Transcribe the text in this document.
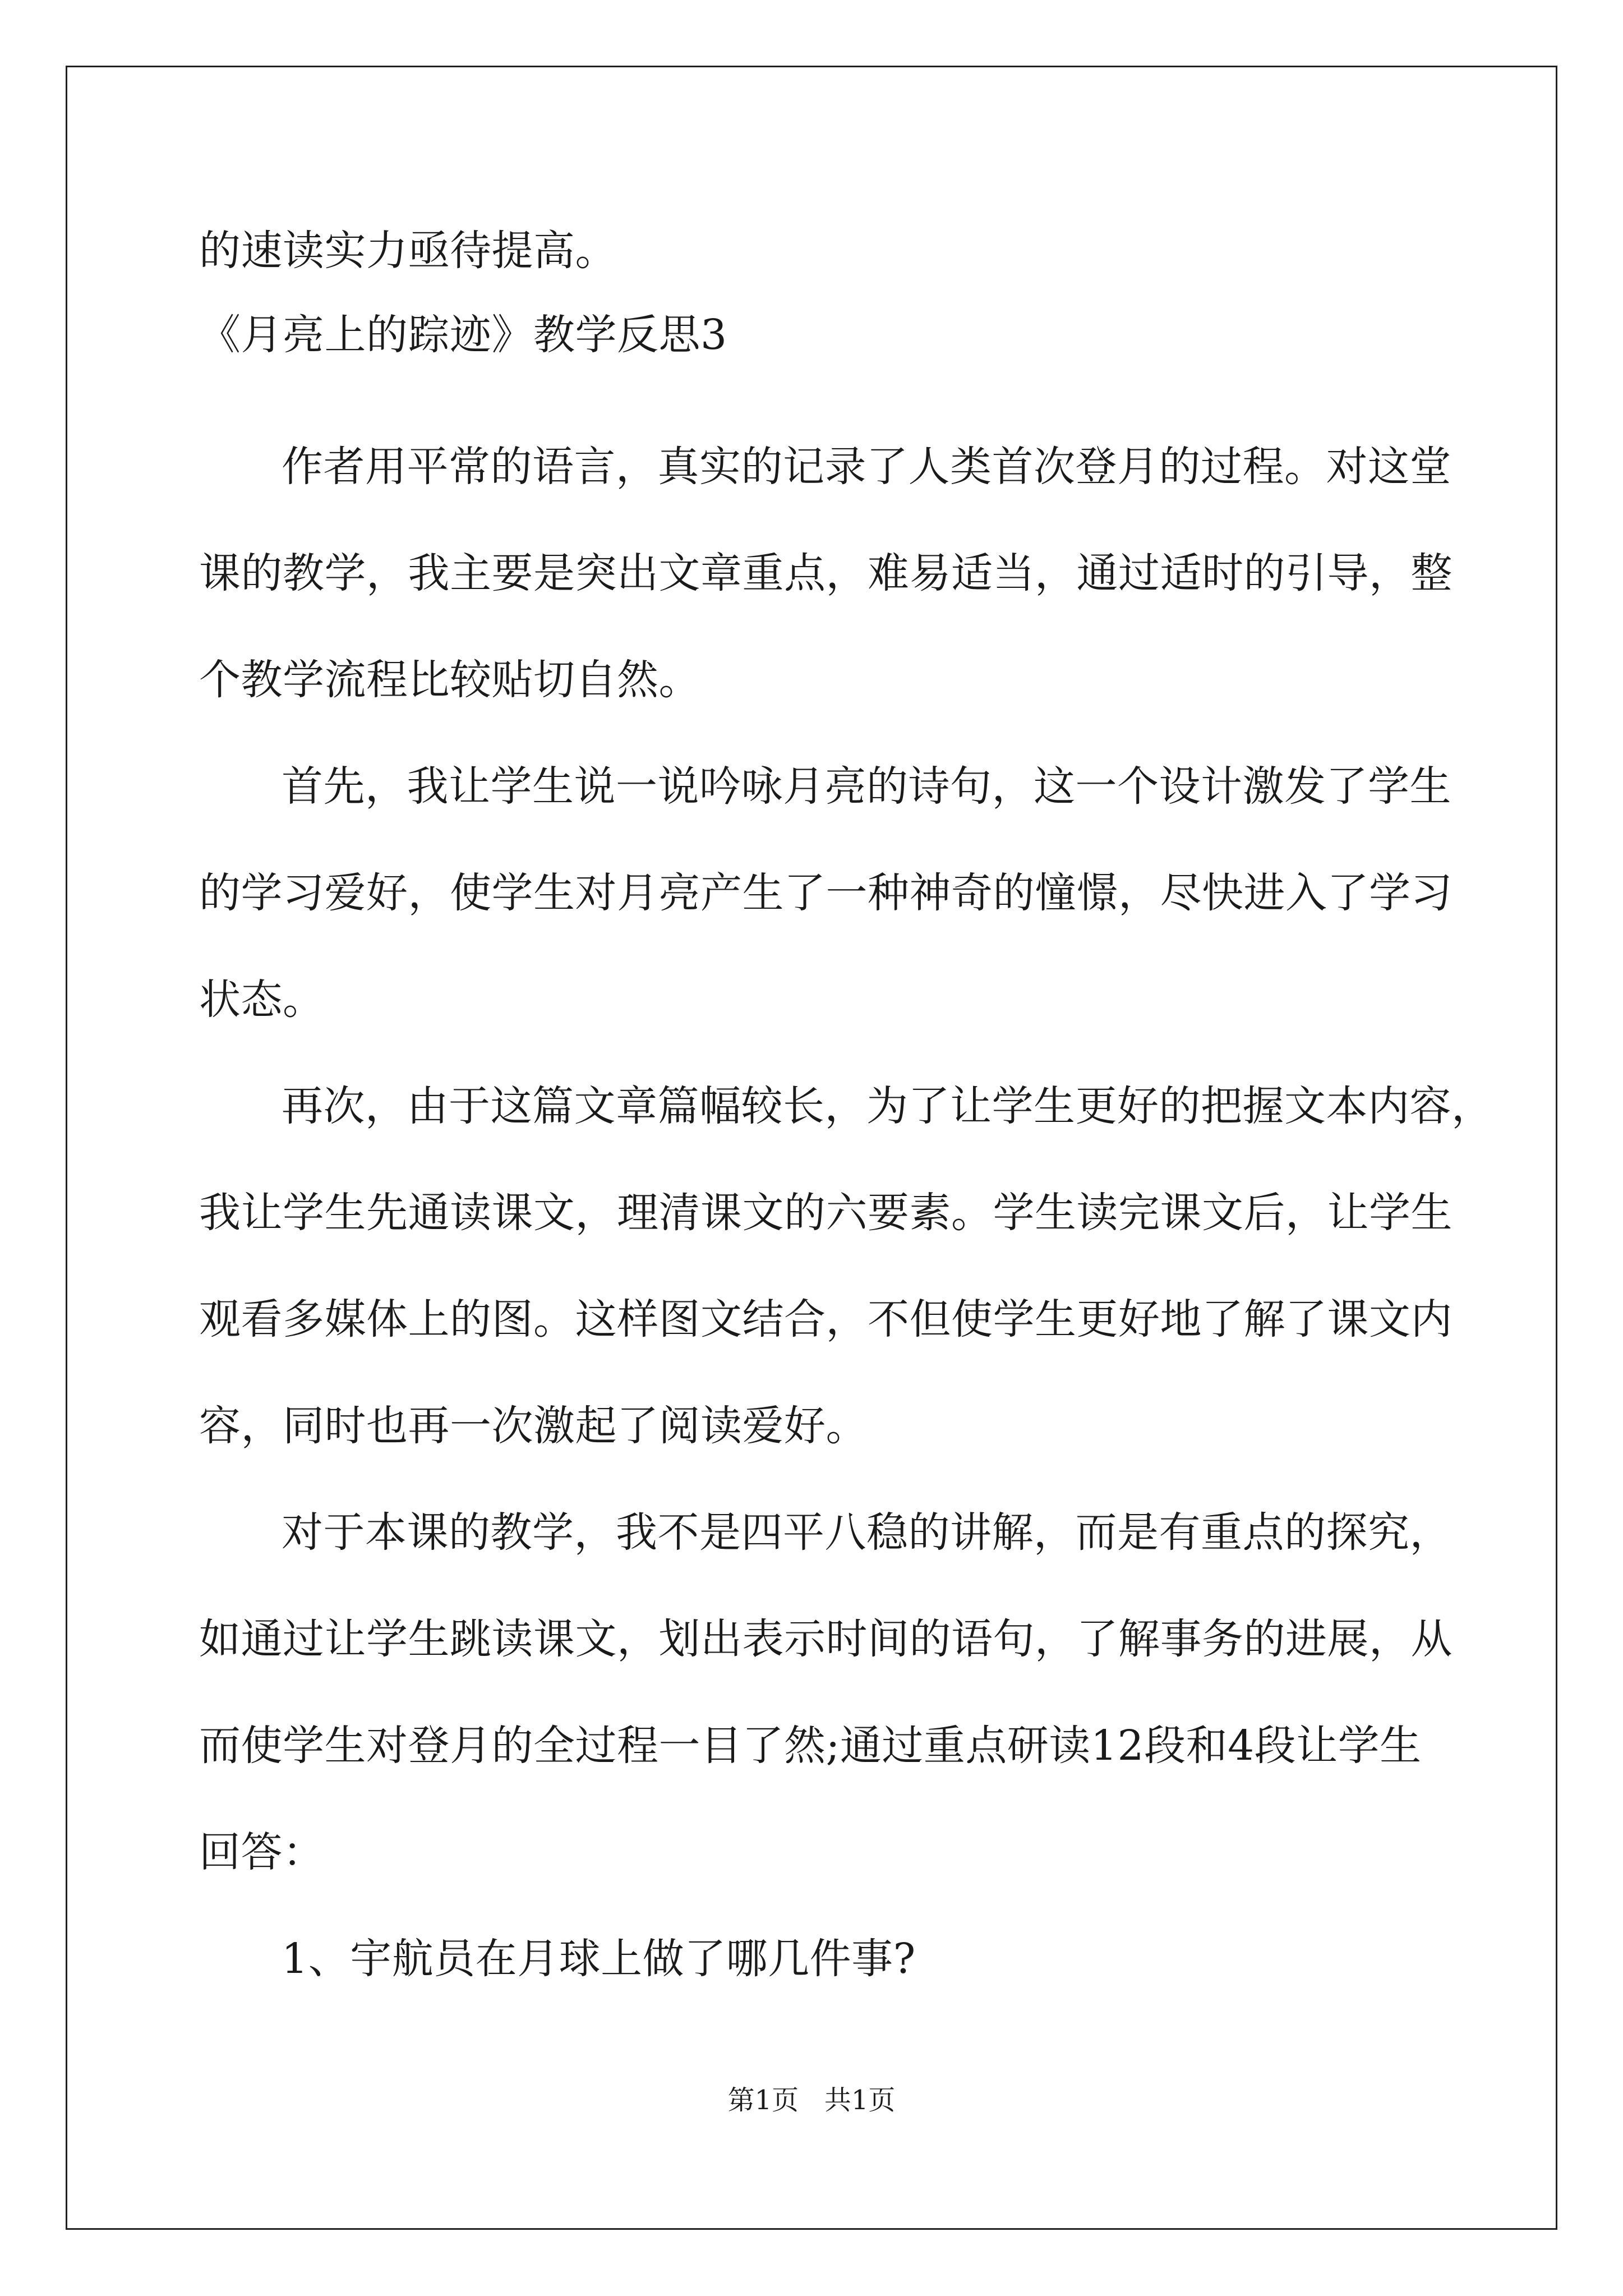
的速读实力亟待提高。
《月亮上的踪迹》教学反思3
作者用平常的语言，真实的记录了人类首次登月的过程。对这堂
课的教学，我主要是突出文章重点，难易适当，通过适时的引导，整
个教学流程比较贴切自然。
首先，我让学生说一说吟咏月亮的诗句，这一个设计激发了学生
的学习爱好，使学生对月亮产生了一种神奇的憧憬，尽快进入了学习
状态。
再次，由于这篇文章篇幅较长，为了让学生更好的把握文本内容，
我让学生先通读课文，理清课文的六要素。学生读完课文后，让学生
观看多媒体上的图。这样图文结合，不但使学生更好地了解了课文内
容，同时也再一次激起了阅读爱好。
对于本课的教学，我不是四平八稳的讲解，而是有重点的探究，
如通过让学生跳读课文，划出表示时间的语句，了解事务的进展，从
而使学生对登月的全过程一目了然;通过重点研读12段和4段让学生
回答：
1、宇航员在月球上做了哪几件事?
第1页   共1页
